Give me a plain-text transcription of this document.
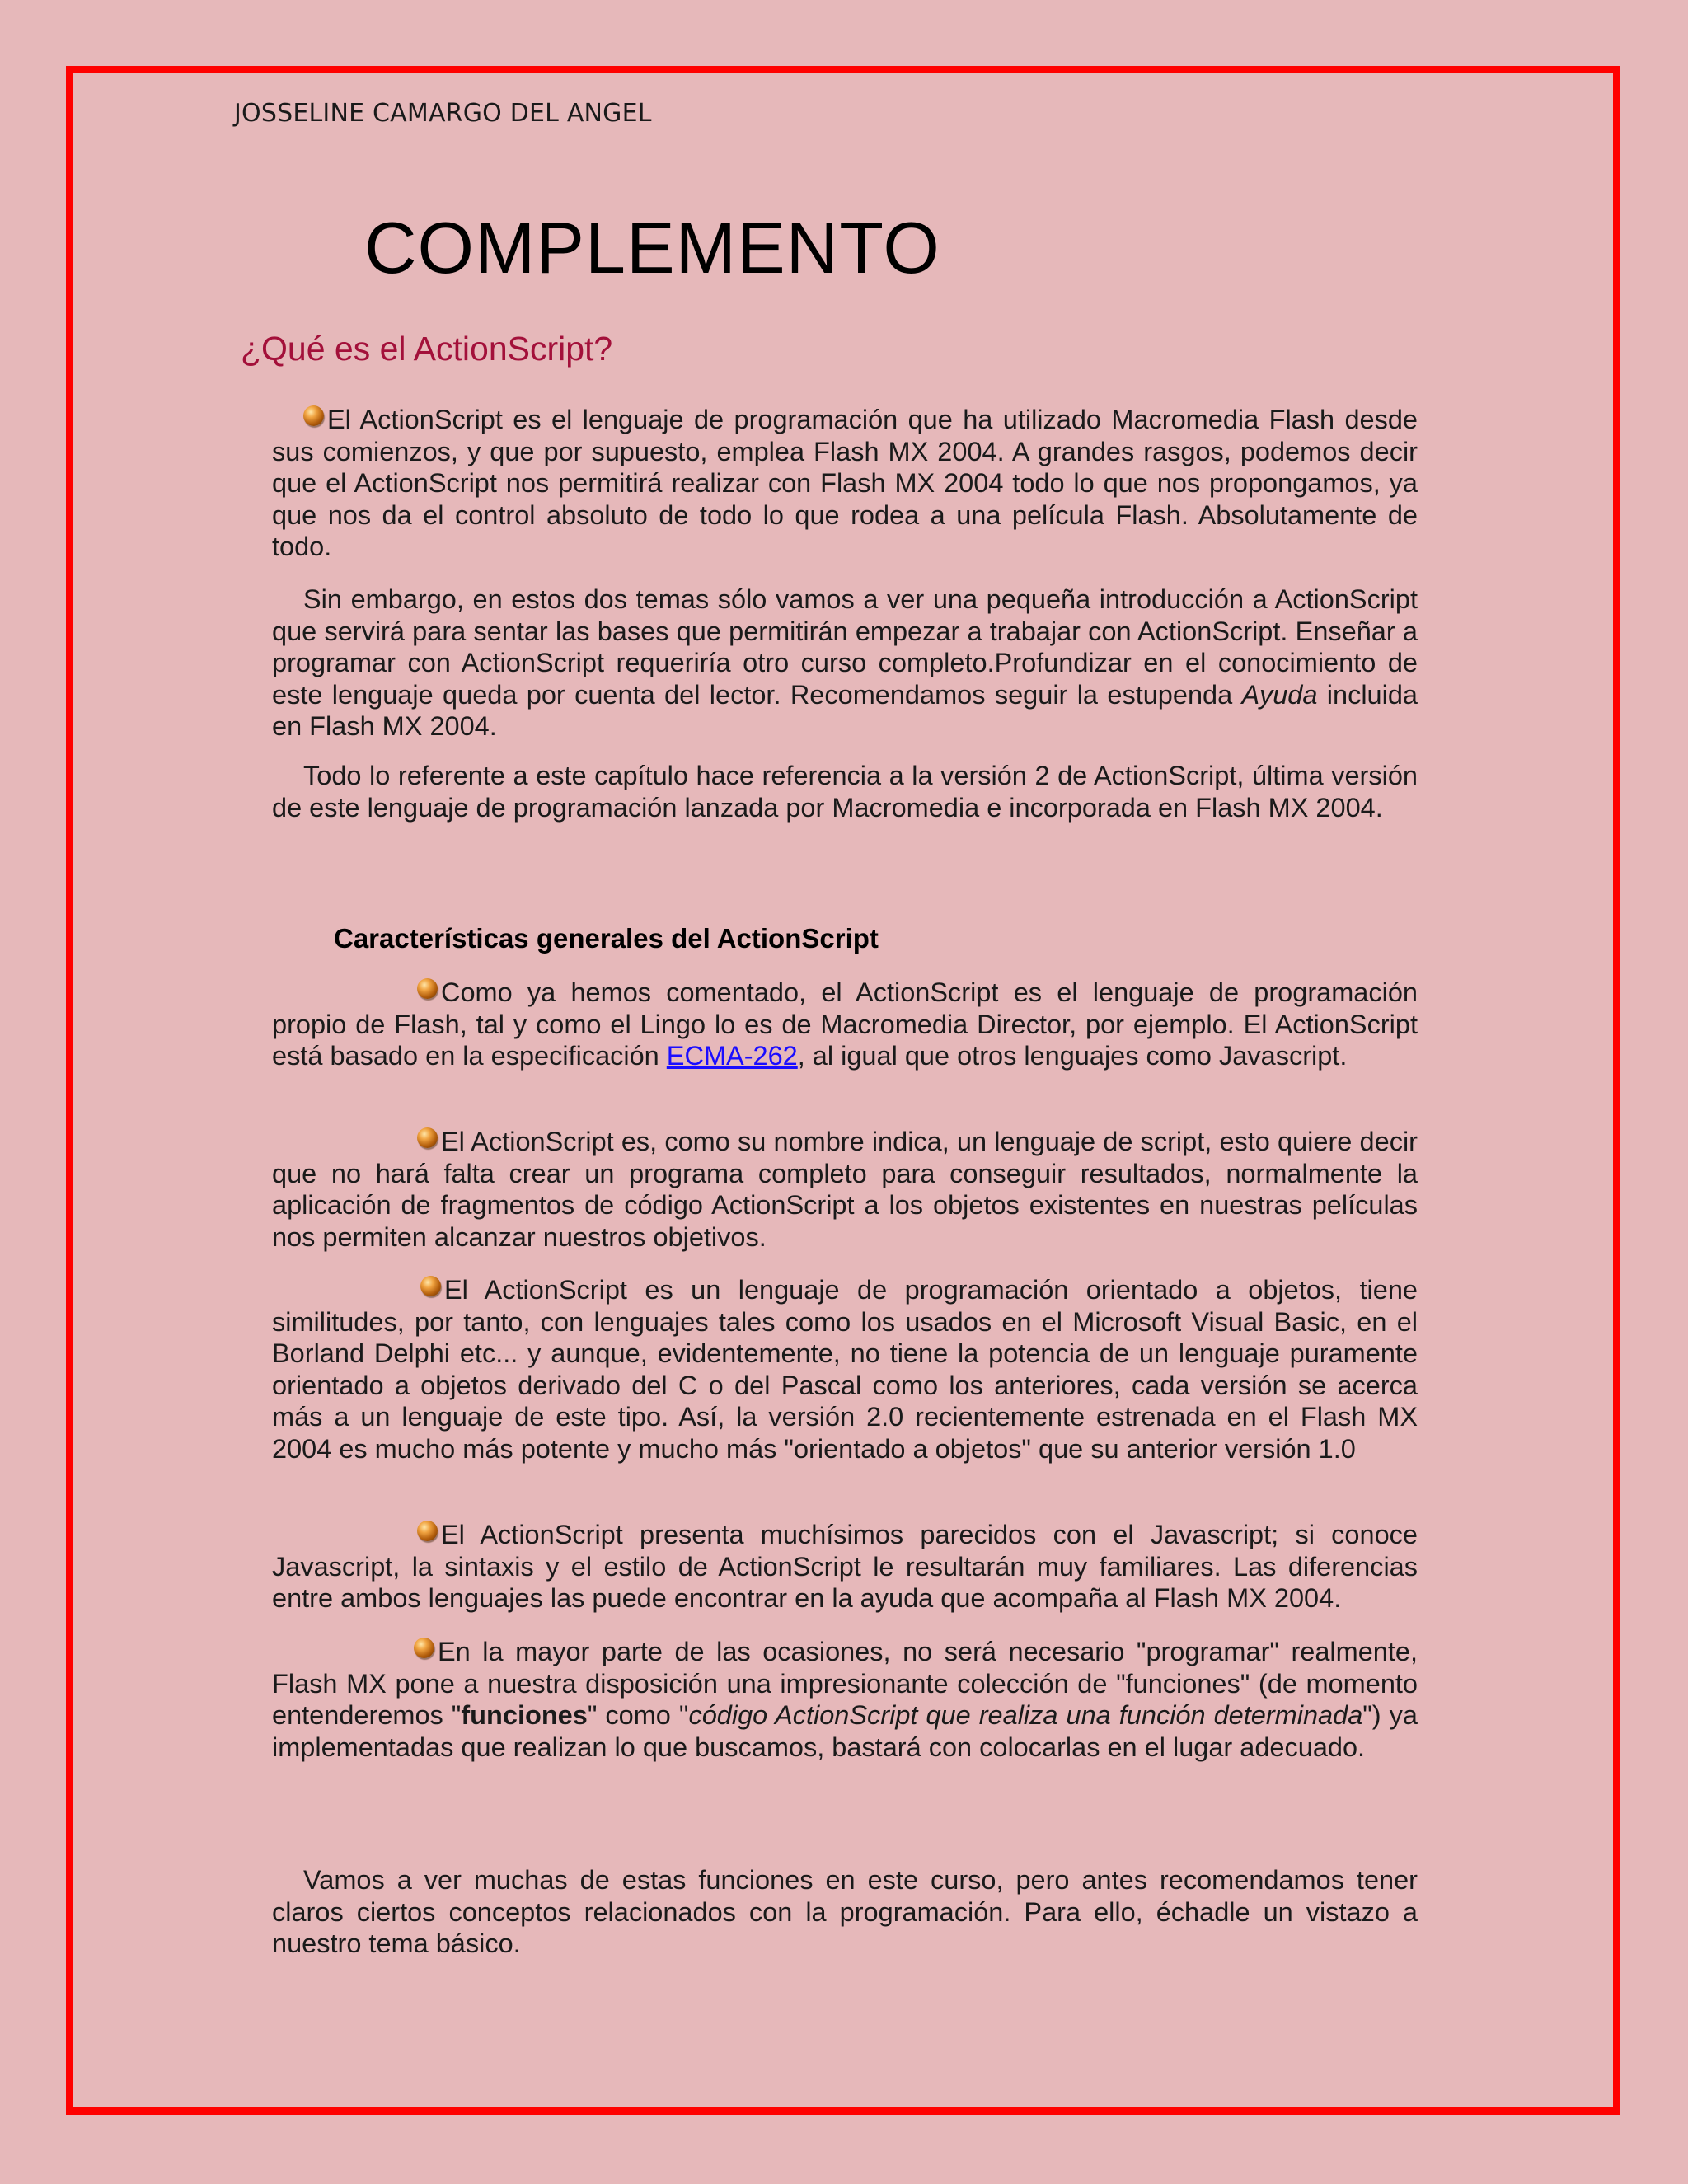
JOSSELINE CAMARGO DEL ANGEL
COMPLEMENTO
¿Qué es el ActionScript?
El ActionScript es el lenguaje de programación que ha utilizado Macromedia Flash desde sus comienzos, y que por supuesto, emplea Flash MX 2004. A grandes rasgos, podemos decir que el ActionScript nos permitirá realizar con Flash MX 2004 todo lo que nos propongamos, ya que nos da el control absoluto de todo lo que rodea a una película Flash. Absolutamente de todo.
Sin embargo, en estos dos temas sólo vamos a ver una pequeña introducción a ActionScript que servirá para sentar las bases que permitirán empezar a trabajar con ActionScript. Enseñar a programar con ActionScript requeriría otro curso completo.Profundizar en el conocimiento de este lenguaje queda por cuenta del lector. Recomendamos seguir la estupenda Ayuda incluida en Flash MX 2004.
Todo lo referente a este capítulo hace referencia a la versión 2 de ActionScript, última versión de este lenguaje de programación lanzada por Macromedia e incorporada en Flash MX 2004.
Características generales del ActionScript
Como ya hemos comentado, el ActionScript es el lenguaje de programación propio de Flash, tal y como el Lingo lo es de Macromedia Director, por ejemplo. El ActionScript está basado en la especificación ECMA-262, al igual que otros lenguajes como Javascript.
El ActionScript es, como su nombre indica, un lenguaje de script, esto quiere decir que no hará falta crear un programa completo para conseguir resultados, normalmente la aplicación de fragmentos de código ActionScript a los objetos existentes en nuestras películas nos permiten alcanzar nuestros objetivos.
El ActionScript es un lenguaje de programación orientado a objetos, tiene similitudes, por tanto, con lenguajes tales como los usados en el Microsoft Visual Basic, en el Borland Delphi etc... y aunque, evidentemente, no tiene la potencia de un lenguaje puramente orientado a objetos derivado del C o del Pascal como los anteriores, cada versión se acerca más a un lenguaje de este tipo. Así, la versión 2.0 recientemente estrenada en el Flash MX 2004 es mucho más potente y mucho más "orientado a objetos" que su anterior versión 1.0
El ActionScript presenta muchísimos parecidos con el Javascript; si conoce Javascript, la sintaxis y el estilo de ActionScript le resultarán muy familiares. Las diferencias entre ambos lenguajes las puede encontrar en la ayuda que acompaña al Flash MX 2004.
En la mayor parte de las ocasiones, no será necesario "programar" realmente, Flash MX pone a nuestra disposición una impresionante colección de "funciones" (de momento entenderemos "funciones" como "código ActionScript que realiza una función determinada") ya implementadas que realizan lo que buscamos, bastará con colocarlas en el lugar adecuado.
Vamos a ver muchas de estas funciones en este curso, pero antes recomendamos tener claros ciertos conceptos relacionados con la programación. Para ello, échadle un vistazo a nuestro tema básico.
